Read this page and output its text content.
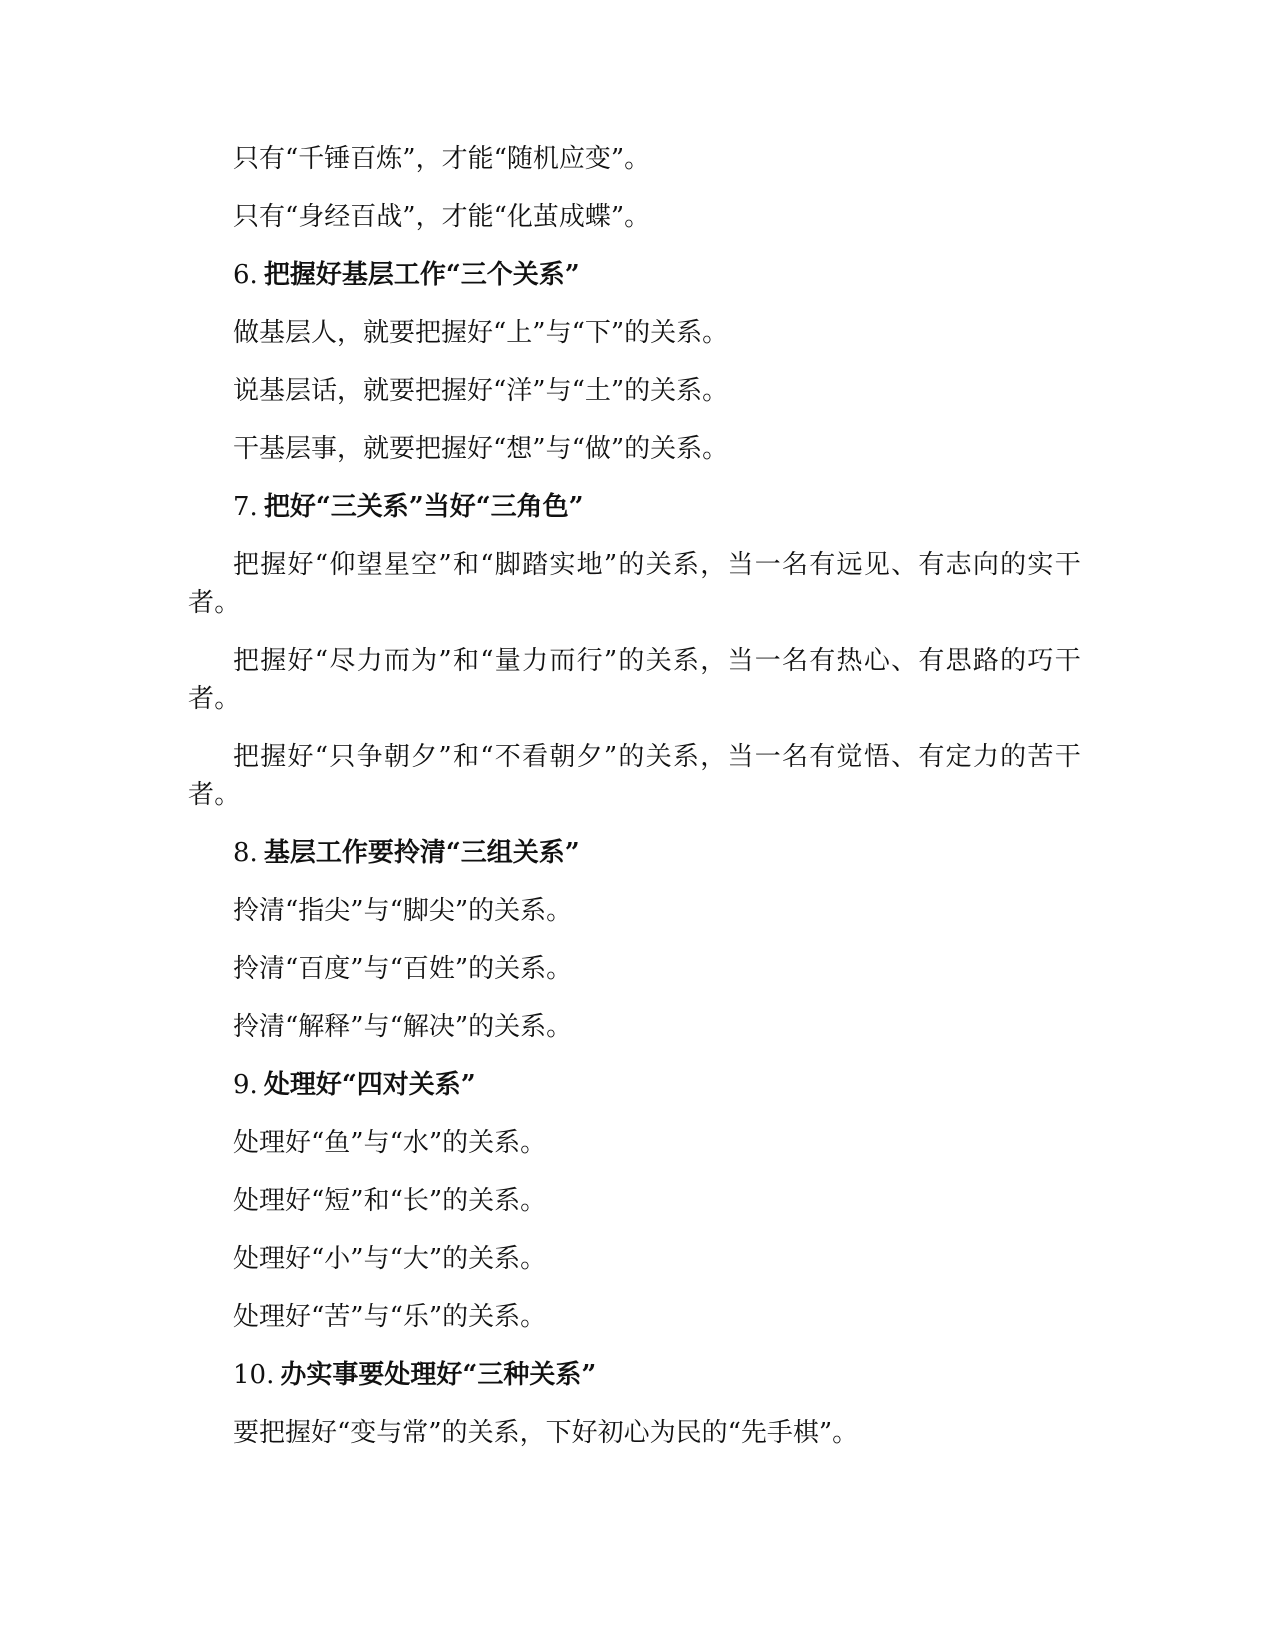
只有“千锤百炼”，才能“随机应变”。

只有“身经百战”，才能“化茧成蝶”。

6. 把握好基层工作“三个关系”

做基层人，就要把握好“上”与“下”的关系。

说基层话，就要把握好“洋”与“土”的关系。

干基层事，就要把握好“想”与“做”的关系。

7. 把好“三关系”当好“三角色”

把握好“仰望星空”和“脚踏实地”的关系，当一名有远见、有志向的实干者。

把握好“尽力而为”和“量力而行”的关系，当一名有热心、有思路的巧干者。

把握好“只争朝夕”和“不看朝夕”的关系，当一名有觉悟、有定力的苦干者。

8. 基层工作要拎清“三组关系”

拎清“指尖”与“脚尖”的关系。

拎清“百度”与“百姓”的关系。

拎清“解释”与“解决”的关系。

9. 处理好“四对关系”

处理好“鱼”与“水”的关系。

处理好“短”和“长”的关系。

处理好“小”与“大”的关系。

处理好“苦”与“乐”的关系。

10. 办实事要处理好“三种关系”

要把握好“变与常”的关系，下好初心为民的“先手棋”。
